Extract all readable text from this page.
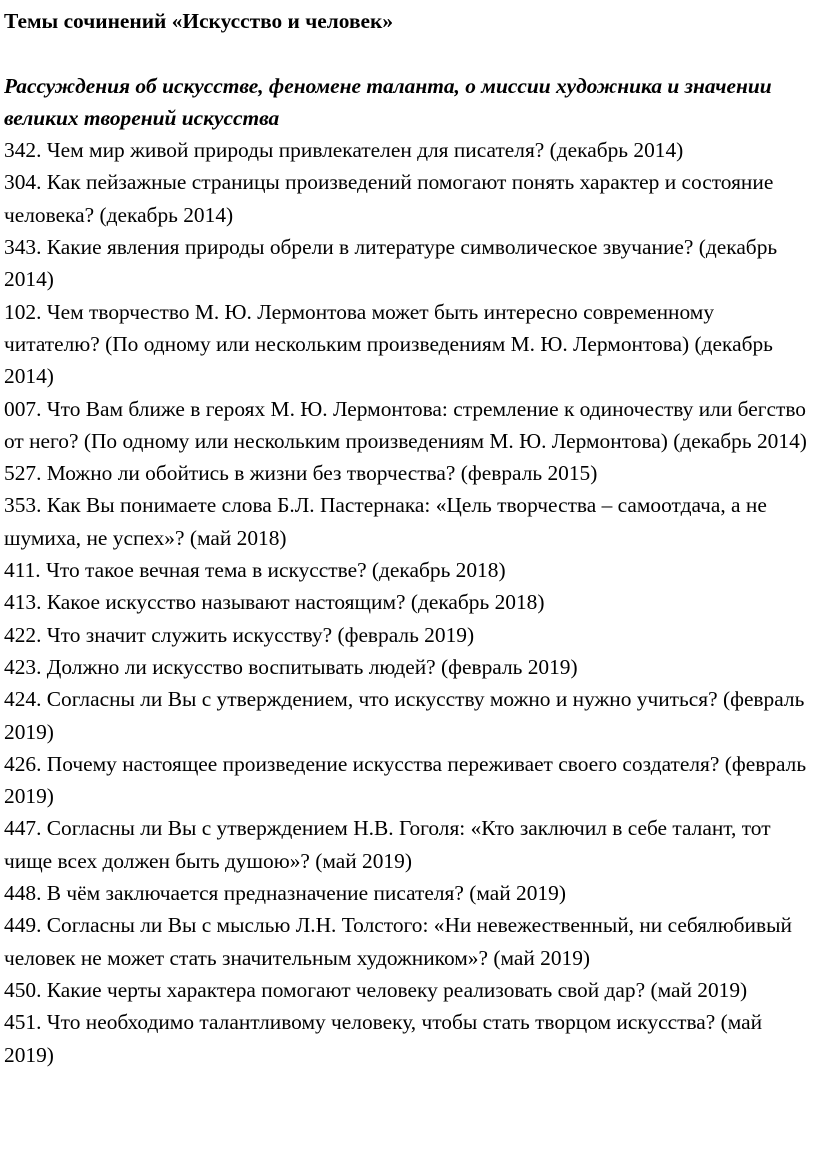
Темы сочинений «Искусство и человек»

Рассуждения об искусстве, феномене таланта, о миссии художника и значении великих творений искусства

342. Чем мир живой природы привлекателен для писателя? (декабрь 2014)
304. Как пейзажные страницы произведений помогают понять характер и состояние человека? (декабрь 2014)
343. Какие явления природы обрели в литературе символическое звучание? (декабрь 2014)
102. Чем творчество М. Ю. Лермонтова может быть интересно современному читателю? (По одному или нескольким произведениям М. Ю. Лермонтова) (декабрь 2014)
007. Что Вам ближе в героях М. Ю. Лермонтова: стремление к одиночеству или бегство от него? (По одному или нескольким произведениям М. Ю. Лермонтова) (декабрь 2014)
527. Можно ли обойтись в жизни без творчества? (февраль 2015)
353. Как Вы понимаете слова Б.Л. Пастернака: «Цель творчества – самоотдача, а не шумиха, не успех»? (май 2018)
411. Что такое вечная тема в искусстве? (декабрь 2018)
413. Какое искусство называют настоящим? (декабрь 2018)
422. Что значит служить искусству? (февраль 2019)
423. Должно ли искусство воспитывать людей? (февраль 2019)
424. Согласны ли Вы с утверждением, что искусству можно и нужно учиться? (февраль 2019)
426. Почему настоящее произведение искусства переживает своего создателя? (февраль 2019)
447. Согласны ли Вы с утверждением Н.В. Гоголя: «Кто заключил в себе талант, тот чище всех должен быть душою»? (май 2019)
448. В чём заключается предназначение писателя? (май 2019)
449. Согласны ли Вы с мыслью Л.Н. Толстого: «Ни невежественный, ни себялюбивый человек не может стать значительным художником»? (май 2019)
450. Какие черты характера помогают человеку реализовать свой дар? (май 2019)
451. Что необходимо талантливому человеку, чтобы стать творцом искусства? (май 2019)
